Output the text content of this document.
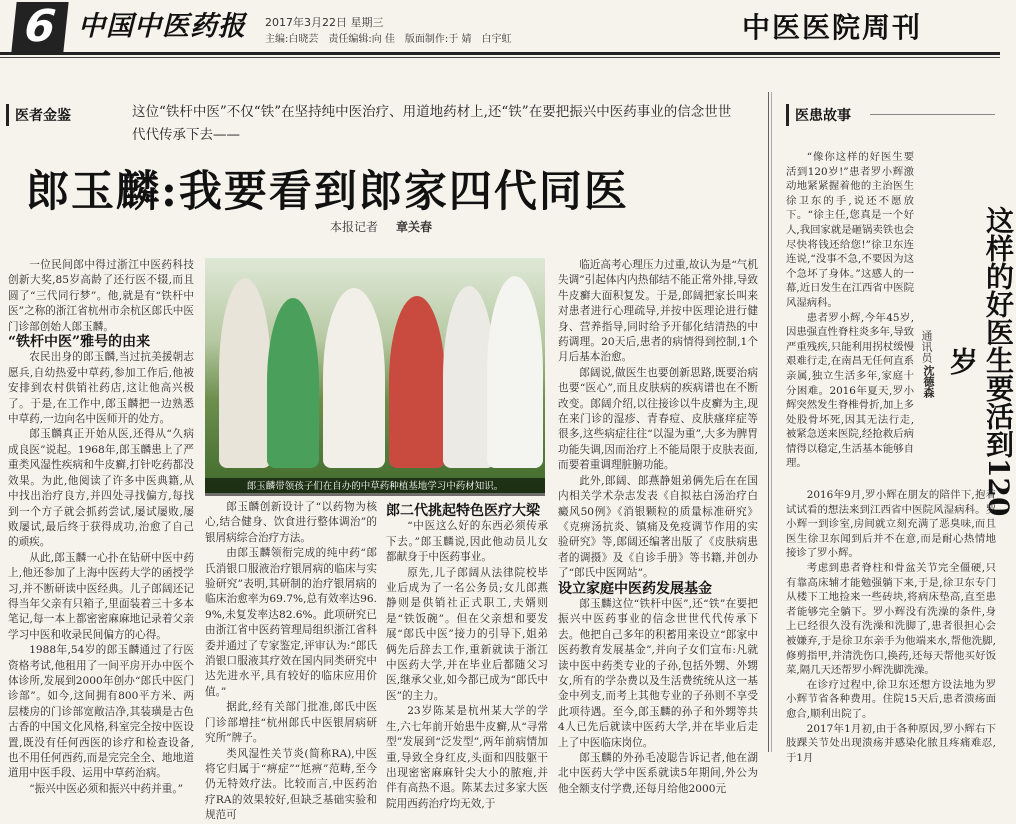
6 中国中医药报 2017年3月22日 星期三
主编:白晓芸　责任编辑:向 佳　版面制作:于 婧　白宇虹	中医医院周刊
医者金鉴	这位“铁杆中医”不仅“铁”在坚持纯中医治疗、用道地药材上,还“铁”在要把振兴中医药事业的信念世世代代传承下去——
郎玉麟:我要看到郎家四代同医
本报记者 章关春

一位民间郎中得过浙江中医药科技创新大奖,85岁高龄了还行医不辍,而且圆了“三代同行梦”。他,就是有“铁杆中医”之称的浙江省杭州市余杭区郎氏中医门诊部创始人郎玉麟。

“铁杆中医”雅号的由来

农民出身的郎玉麟,当过抗美援朝志愿兵,自幼热爱中草药,参加工作后,他被安排到农村供销社药店,这让他高兴极了。于是,在工作中,郎玉麟把一边熟悉中草药,一边向名中医师开的处方。

郎玉麟真正开始从医,还得从“久病成良医”说起。1968年,郎玉麟患上了严重类风湿性疾病和牛皮癣,打针吃药都没效果。为此,他阅读了许多中医典籍,从中找出治疗良方,并四处寻找偏方,每找到一个方子就会抓药尝试,屡试屡败,屡败屡试,最后终于获得成功,治愈了自己的顽疾。

从此,郎玉麟一心扑在钻研中医中药上,他还参加了上海中医药大学的函授学习,并不断研读中医经典。儿子郎阔还记得当年父亲有只箱子,里面装着三十多本笔记,每一本上都密密麻麻地记录着父亲学习中医和收录民间偏方的心得。

1988年,54岁的郎玉麟通过了行医资格考试,他租用了一间平房开办中医个体诊所,发展到2000年创办“郎氏中医门诊部”。如今,这间拥有800平方米、两层楼房的门诊部宽敞洁净,其装璜是古色古香的中国文化风格,科室完全按中医设置,既没有任何西医的诊疗和检查设备,也不用任何西药,而是完完全全、地地道道用中医手段、运用中草药治病。

“振兴中医必须和振兴中药并重。”

郎玉麟带领孩子们在自办的中草药种植基地学习中药材知识。

郎玉麟创新设计了“以药物为核心,结合健身、饮食进行整体调治”的银屑病综合治疗方法。

由郎玉麟领衔完成的纯中药“郎氏消银口服液治疗银屑病的临床与实验研究”表明,其研制的治疗银屑病的临床治愈率为69.7%,总有效率达96.9%,未复发率达82.6%。此项研究已由浙江省中医药管理局组织浙江省科委并通过了专家鉴定,评审认为:“郎氏消银口服液其疗效在国内同类研究中达先进水平,具有较好的临床应用价值。”

据此,经有关部门批准,郎氏中医门诊部增挂“杭州郎氏中医银屑病研究所”牌子。

类风湿性关节炎(简称RA),中医将它归属于“痹症”“尪痹”范畴,至今仍无特效疗法。比较而言,中医药治疗RA的效果较好,但缺乏基础实验和规范可

郎二代挑起特色医疗大梁

“中医这么好的东西必须传承下去。”郎玉麟说,因此他动员儿女都献身于中医药事业。

原先,儿子郎阔从法律院校毕业后成为了一名公务员;女儿郎燕静则是供销社正式职工,夫婿则是“铁饭碗”。但在父亲想和要发展“郎氏中医”接力的引导下,姐弟俩先后辞去工作,重新就读于浙江中医药大学,并在毕业后都随父习医,继承父业,如今都已成为“郎氏中医”的主力。

23岁陈某是杭州某大学的学生,六七年前开始患牛皮癣,从“寻常型”发展到“泛发型”,两年前病情加重,导致全身红皮,头面和四肢躯干出现密密麻麻针尖大小的脓疱,并伴有高热不退。陈某去过多家大医院用西药治疗均无效,于

临近高考心理压力过重,故认为是“气机失调”引起体内内热郁结不能正常外排,导致牛皮癣大面积复发。于是,郎阔把家长叫来对患者进行心理疏导,并按中医理论进行健身、营养指导,同时给予开郁化结清热的中药调理。20天后,患者的病情得到控制,1个月后基本治愈。

郎阔说,做医生也要创新思路,既要治病也要“医心”,而且皮肤病的疾病谱也在不断改变。郎阔介绍,以往接诊以牛皮癣为主,现在来门诊的湿疹、青春痘、皮肤瘙痒症等很多,这些病症往往“以湿为重”,大多为脾胃功能失调,因而治疗上不能局限于皮肤表面,而要着重调理脏腑功能。

此外,郎阔、郎燕静姐弟俩先后在在国内相关学术杂志发表《自拟祛白汤治疗白癜风50例》《消银颗粒的质量标准研究》《克痹汤抗炎、镇痛及免疫调节作用的实验研究》等,郎阔还编著出版了《皮肤病患者的调摄》及《自诊手册》等书籍,并创办了“郎氏中医网站”。

设立家庭中医药发展基金

郎玉麟这位“铁杆中医”,还“铁”在要把振兴中医药事业的信念世世代代传承下去。他把自己多年的积蓄用来设立“郎家中医药教育发展基金”,并向子女们宣布:凡就读中医中药类专业的子孙,包括外甥、外甥女,所有的学杂费以及生活费统统从这一基金中列支,而考上其他专业的子孙则不享受此项待遇。至今,郎玉麟的孙子和外甥等共4人已先后就读中医药大学,并在毕业后走上了中医临床岗位。

郎玉麟的外孙毛凌聪告诉记者,他在湖北中医药大学中医系就读5年期间,外公为他全额支付学费,还每月给他2000元

医患故事
这样的好医生要活到120岁
通讯员
沈德森

“像你这样的好医生要活到120岁!”患者罗小辉激动地紧紧握着他的主治医生徐卫东的手,说还不愿放下。“徐主任,您真是一个好人,我回家就是砸锅卖铁也会尽快将钱还给您!”徐卫东连连说,“没事不急,不要因为这个急坏了身体。”这感人的一幕,近日发生在江西省中医院风湿病科。

患者罗小辉,今年45岁,因患强直性脊柱炎多年,导致严重残疾,只能利用拐杖缓慢艰难行走,在南昌无任何直系亲属,独立生活多年,家庭十分困难。2016年夏天,罗小辉突然发生脊椎骨折,加上多处股骨坏死,因其无法行走,被紧急送来医院,经抢救后病情得以稳定,生活基本能够自理。

2016年9月,罗小辉在朋友的陪伴下,抱着试试看的想法来到江西省中医院风湿病科。罗小辉一到诊室,房间就立刻充满了恶臭味,而且医生徐卫东闻到后并不在意,而是耐心热情地接诊了罗小辉。

考虑到患者脊柱和骨盆关节完全僵硬,只有靠高床辅才能勉强躺下来,于是,徐卫东专门从楼下工地捡来一些砖块,将病床垫高,直至患者能够完全躺下。罗小辉没有洗澡的条件,身上已经很久没有洗澡和洗脚了,患者很担心会被嫌弃,于是徐卫东亲手为他端来水,帮他洗脚,修剪指甲,并清洗伤口,换药,还每天帮他买好饭菜,隔几天还帮罗小辉洗脚洗澡。

在诊疗过程中,徐卫东还想方设法地为罗小辉节省各种费用。住院15天后,患者溃疡面愈合,顺利出院了。

2017年1月初,由于各种原因,罗小辉右下肢踝关节处出现溃疡并感染化脓且疼痛难忍,于1月
